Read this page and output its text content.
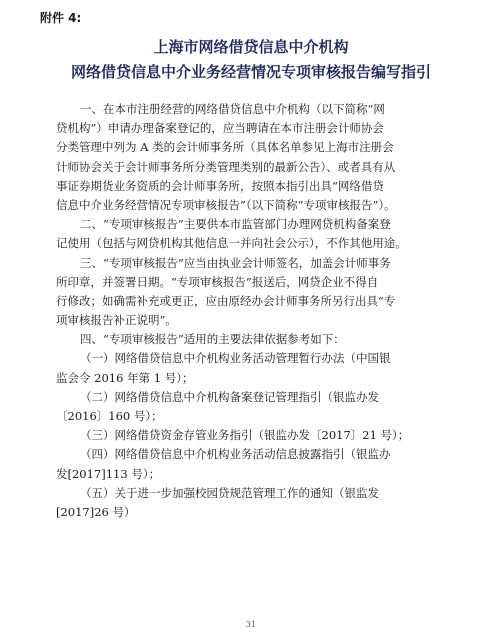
附件 4:
上海市网络借贷信息中介机构
网络借贷信息中介业务经营情况专项审核报告编写指引
一、在本市注册经营的网络借贷信息中介机构（以下简称“网
贷机构”）申请办理备案登记的，应当聘请在本市注册会计师协会
分类管理中列为 A 类的会计师事务所（具体名单参见上海市注册会
计师协会关于会计师事务所分类管理类别的最新公告）、或者具有从
事证券期货业务资质的会计师事务所，按照本指引出具“网络借贷
信息中介业务经营情况专项审核报告”（以下简称“专项审核报告”）。
二、“专项审核报告”主要供本市监管部门办理网贷机构备案登
记使用（包括与网贷机构其他信息一并向社会公示），不作其他用途。
三、“专项审核报告”应当由执业会计师签名，加盖会计师事务
所印章，并签署日期。“专项审核报告”报送后，网贷企业不得自
行修改；如确需补充或更正，应由原经办会计师事务所另行出具“专
项审核报告补正说明”。
四、“专项审核报告”适用的主要法律依据参考如下：
（一）网络借贷信息中介机构业务活动管理暂行办法（中国银
监会令 2016 年第 1 号）；
（二）网络借贷信息中介机构备案登记管理指引（银监办发
〔2016〕160 号）；
（三）网络借贷资金存管业务指引（银监办发〔2017〕21 号）；
（四）网络借贷信息中介机构业务活动信息披露指引（银监办
发[2017]113 号）；
（五）关于进一步加强校园贷规范管理工作的通知（银监发
[2017]26 号）
31
